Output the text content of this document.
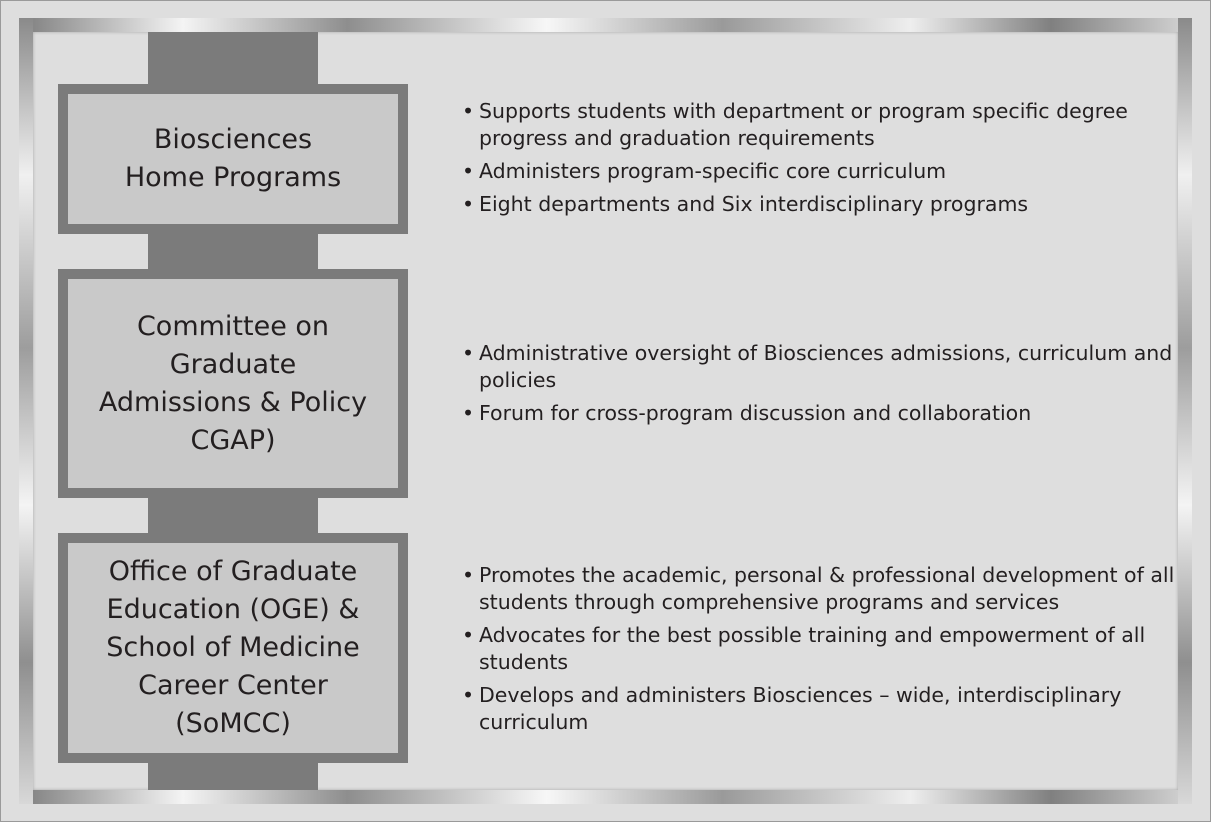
Biosciences
Home Programs
Committee on
Graduate
Admissions & Policy
CGAP)
Office of Graduate
Education (OGE) &
School of Medicine
Career Center
(SoMCC)
• Supports students with department or program specific degree progress and graduation requirements
• Administers program-specific core curriculum
• Eight departments and Six interdisciplinary programs
• Administrative oversight of Biosciences admissions, curriculum and policies
• Forum for cross-program discussion and collaboration
• Promotes the academic, personal & professional development of all students through comprehensive programs and services
• Advocates for the best possible training and empowerment of all students
• Develops and administers Biosciences – wide, interdisciplinary curriculum
